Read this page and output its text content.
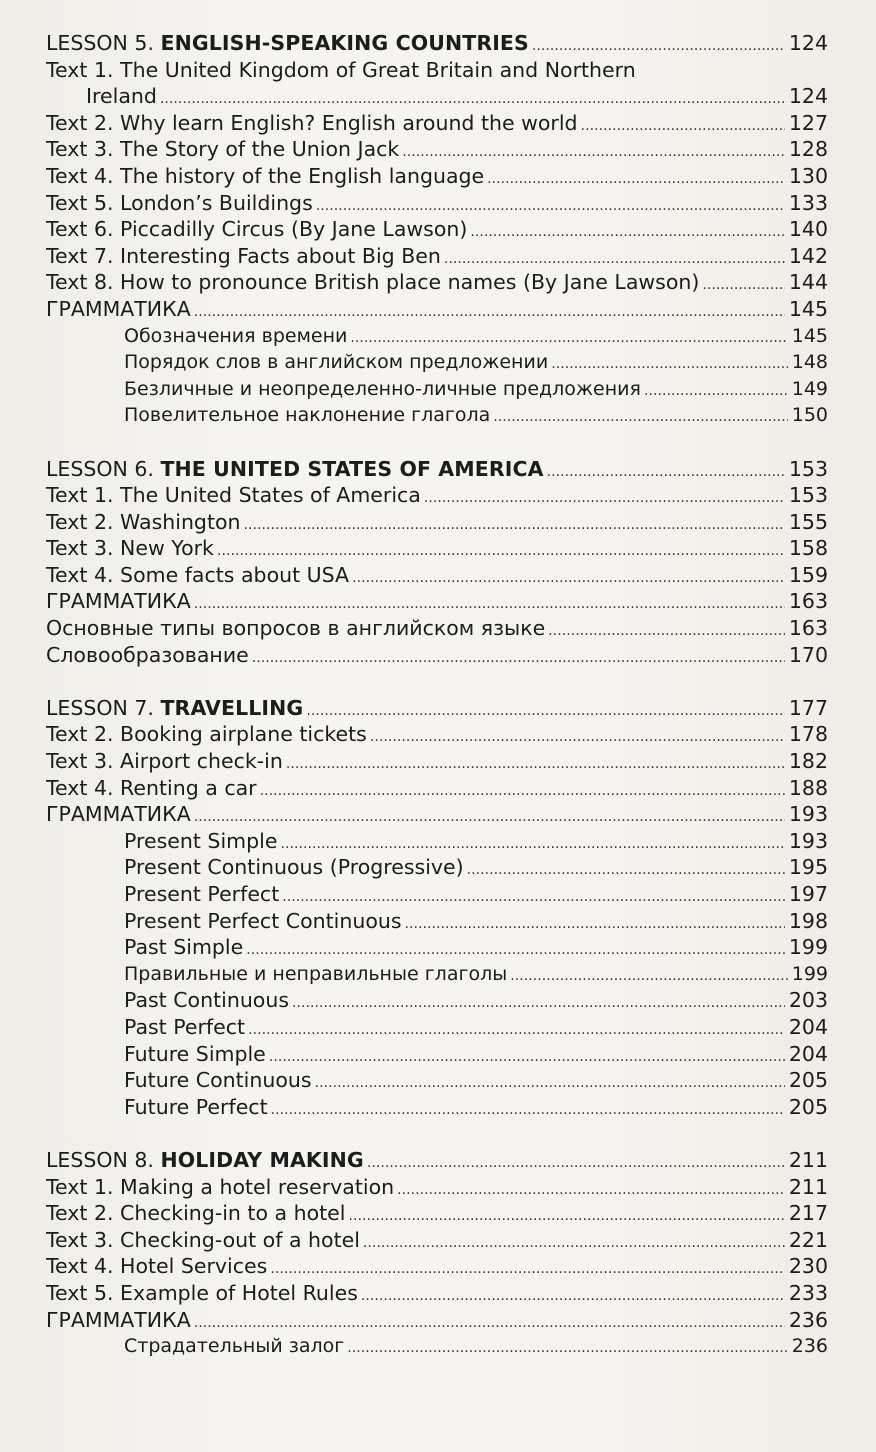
LESSON 5. ENGLISH-SPEAKING COUNTRIES . . .	124
Text 1. The United Kingdom of Great Britain and Northern
Ireland . . .	124
Text 2. Why learn English? English around the world . . .	127
Text 3. The Story of the Union Jack . . .	128
Text 4. The history of the English language . . .	130
Text 5. London’s Buildings . . .	133
Text 6. Piccadilly Circus (By Jane Lawson) . . .	140
Text 7. Interesting Facts about Big Ben . . .	142
Text 8. How to pronounce British place names (By Jane Lawson) . . .	144
ГРАММАТИКА . . .	145
Обозначения времени . . .	145
Порядок слов в английском предложении . . .	148
Безличные и неопределенно-личные предложения . . .	149
Повелительное наклонение глагола . . .	150
LESSON 6. THE UNITED STATES OF AMERICA . . .	153
Text 1. The United States of America . . .	153
Text 2. Washington . . .	155
Text 3. New York . . .	158
Text 4. Some facts about USA . . .	159
ГРАММАТИКА . . .	163
Основные типы вопросов в английском языке . . .	163
Словообразование . . .	170
LESSON 7. TRAVELLING . . .	177
Text 2. Booking airplane tickets . . .	178
Text 3. Airport check-in . . .	182
Text 4. Renting a car . . .	188
ГРАММАТИКА . . .	193
Present Simple . . .	193
Present Continuous (Progressive) . . .	195
Present Perfect . . .	197
Present Perfect Continuous . . .	198
Past Simple . . .	199
Правильные и неправильные глаголы . . .	199
Past Continuous . . .	203
Past Perfect . . .	204
Future Simple . . .	204
Future Continuous . . .	205
Future Perfect . . .	205
LESSON 8. HOLIDAY MAKING . . .	211
Text 1. Making a hotel reservation . . .	211
Text 2. Checking-in to a hotel . . .	217
Text 3. Checking-out of a hotel . . .	221
Text 4. Hotel Services . . .	230
Text 5. Example of Hotel Rules . . .	233
ГРАММАТИКА . . .	236
Страдательный залог . . .	236
